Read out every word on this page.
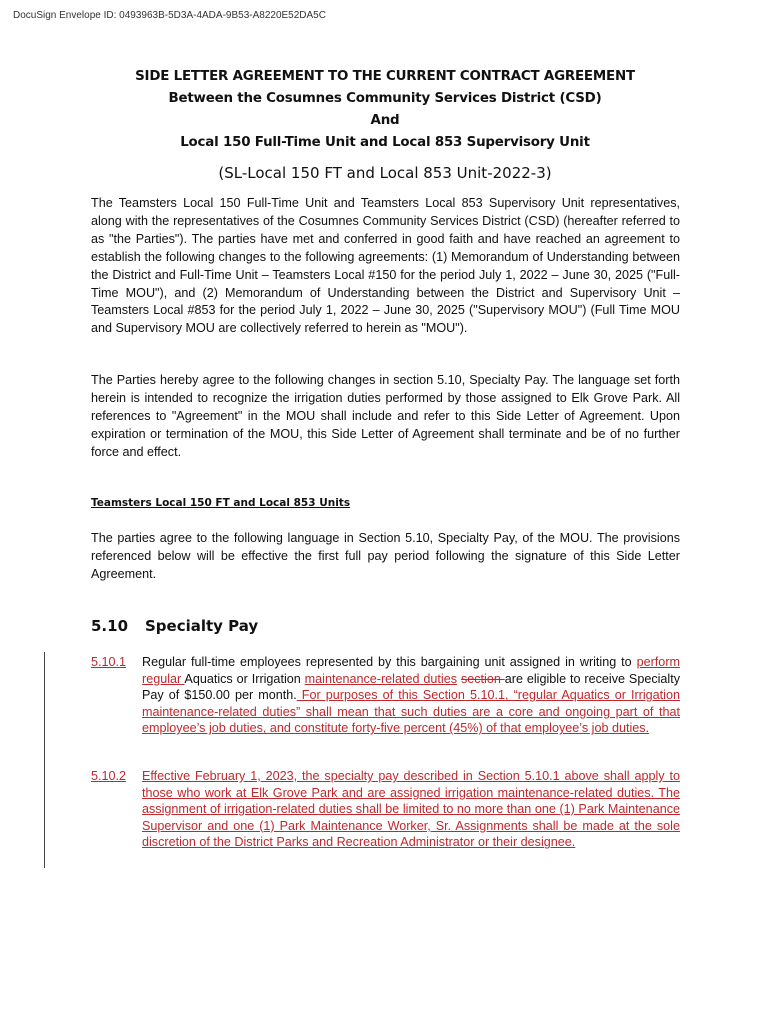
DocuSign Envelope ID: 0493963B-5D3A-4ADA-9B53-A8220E52DA5C
SIDE LETTER AGREEMENT TO THE CURRENT CONTRACT AGREEMENT
Between the Cosumnes Community Services District (CSD)
And
Local 150 Full-Time Unit and Local 853 Supervisory Unit
(SL-Local 150 FT and Local 853 Unit-2022-3)
The Teamsters Local 150 Full-Time Unit and Teamsters Local 853 Supervisory Unit representatives, along with the representatives of the Cosumnes Community Services District (CSD) (hereafter referred to as "the Parties"). The parties have met and conferred in good faith and have reached an agreement to establish the following changes to the following agreements: (1) Memorandum of Understanding between the District and Full-Time Unit – Teamsters Local #150 for the period July 1, 2022 – June 30, 2025 ("Full-Time MOU"), and (2) Memorandum of Understanding between the District and Supervisory Unit – Teamsters Local #853 for the period July 1, 2022 – June 30, 2025 ("Supervisory MOU") (Full Time MOU and Supervisory MOU are collectively referred to herein as "MOU").
The Parties hereby agree to the following changes in section 5.10, Specialty Pay. The language set forth herein is intended to recognize the irrigation duties performed by those assigned to Elk Grove Park. All references to "Agreement" in the MOU shall include and refer to this Side Letter of Agreement. Upon expiration or termination of the MOU, this Side Letter of Agreement shall terminate and be of no further force and effect.
Teamsters Local 150 FT and Local 853 Units
The parties agree to the following language in Section 5.10, Specialty Pay, of the MOU. The provisions referenced below will be effective the first full pay period following the signature of this Side Letter Agreement.
5.10 Specialty Pay
5.10.1 Regular full-time employees represented by this bargaining unit assigned in writing to perform regular Aquatics or Irrigation maintenance-related duties section are eligible to receive Specialty Pay of $150.00 per month. For purposes of this Section 5.10.1, “regular Aquatics or Irrigation maintenance-related duties” shall mean that such duties are a core and ongoing part of that employee’s job duties, and constitute forty-five percent (45%) of that employee’s job duties.
5.10.2 Effective February 1, 2023, the specialty pay described in Section 5.10.1 above shall apply to those who work at Elk Grove Park and are assigned irrigation maintenance-related duties. The assignment of irrigation-related duties shall be limited to no more than one (1) Park Maintenance Supervisor and one (1) Park Maintenance Worker, Sr. Assignments shall be made at the sole discretion of the District Parks and Recreation Administrator or their designee.
